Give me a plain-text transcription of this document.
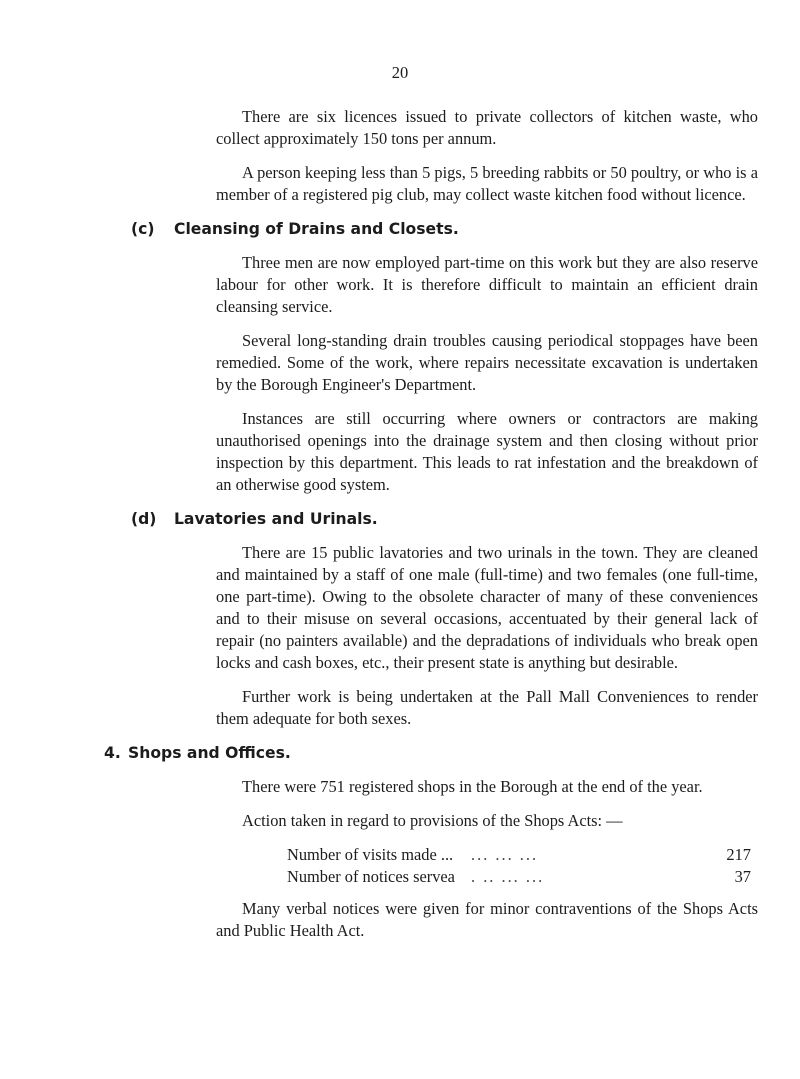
20

There are six licences issued to private collectors of kitchen waste, who collect approximately 150 tons per annum.

A person keeping less than 5 pigs, 5 breeding rabbits or 50 poultry, or who is a member of a registered pig club, may collect waste kitchen food without licence.

(c) Cleansing of Drains and Closets.

Three men are now employed part-time on this work but they are also reserve labour for other work. It is therefore difficult to maintain an efficient drain cleansing service.

Several long-standing drain troubles causing periodical stoppages have been remedied. Some of the work, where repairs necessitate excavation is undertaken by the Borough Engineer's Department.

Instances are still occurring where owners or contractors are making unauthorised openings into the drainage system and then closing without prior inspection by this department. This leads to rat infestation and the breakdown of an otherwise good system.

(d) Lavatories and Urinals.

There are 15 public lavatories and two urinals in the town. They are cleaned and maintained by a staff of one male (full-time) and two females (one full-time, one part-time). Owing to the obsolete character of many of these conveniences and to their misuse on several occasions, accentuated by their general lack of repair (no painters available) and the depradations of individuals who break open locks and cash boxes, etc., their present state is anything but desirable.

Further work is being undertaken at the Pall Mall Conveniences to render them adequate for both sexes.

4. Shops and Offices.

There were 751 registered shops in the Borough at the end of the year.

Action taken in regard to provisions of the Shops Acts: —

Number of visits made ... ... ... ...	217
Number of notices servea . .. ... ...	37

Many verbal notices were given for minor contraventions of the Shops Acts and Public Health Act.
